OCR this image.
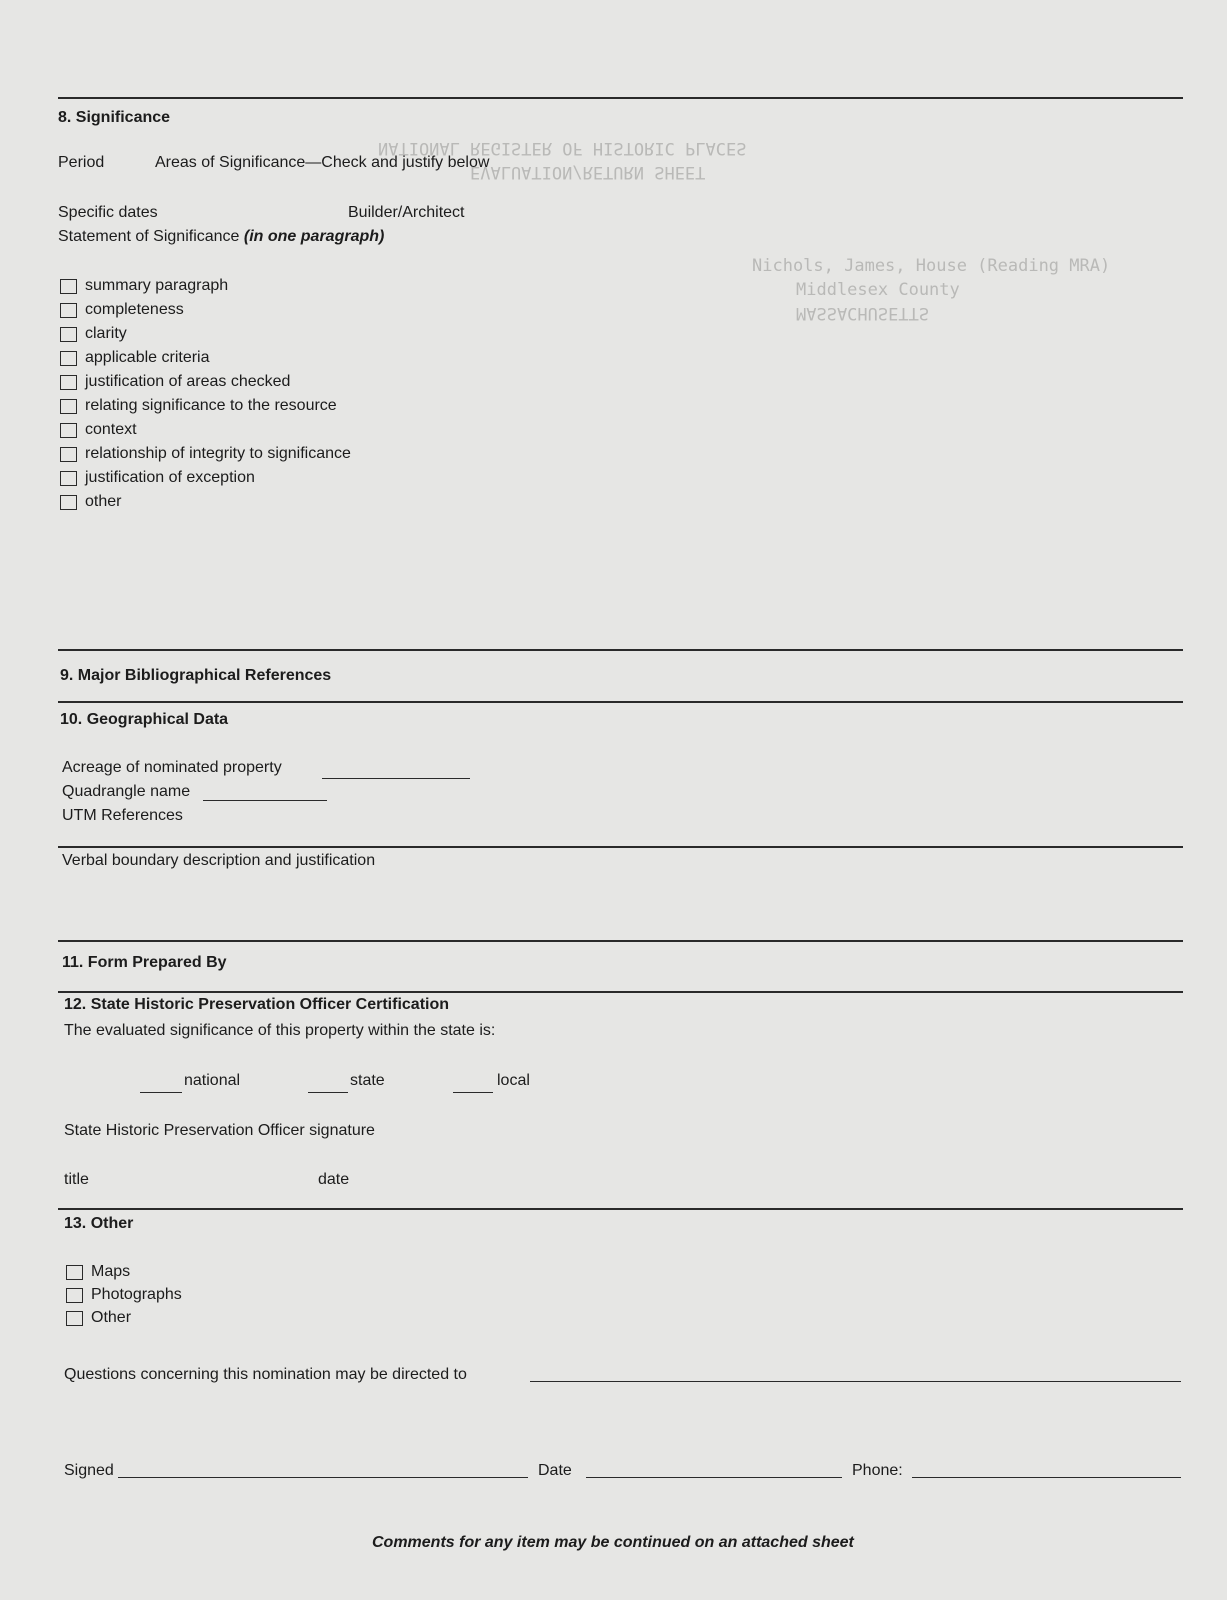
NATIONAL REGISTER OF HISTORIC PLACES
EVALUATION/RETURN SHEET
Nichols, James, House (Reading MRA)
Middlesex County
MASSACHUSETTS
8. Significance
Period	Areas of Significance—Check and justify below
Specific dates	Builder/Architect
Statement of Significance (in one paragraph)
summary paragraph
completeness
clarity
applicable criteria
justification of areas checked
relating significance to the resource
context
relationship of integrity to significance
justification of exception
other
9. Major Bibliographical References
10. Geographical Data
Acreage of nominated property
Quadrangle name
UTM References
Verbal boundary description and justification
11. Form Prepared By
12. State Historic Preservation Officer Certification
The evaluated significance of this property within the state is:
national	state	local
State Historic Preservation Officer signature
title	date
13. Other
Maps
Photographs
Other
Questions concerning this nomination may be directed to
Signed	Date	Phone:
Comments for any item may be continued on an attached sheet
